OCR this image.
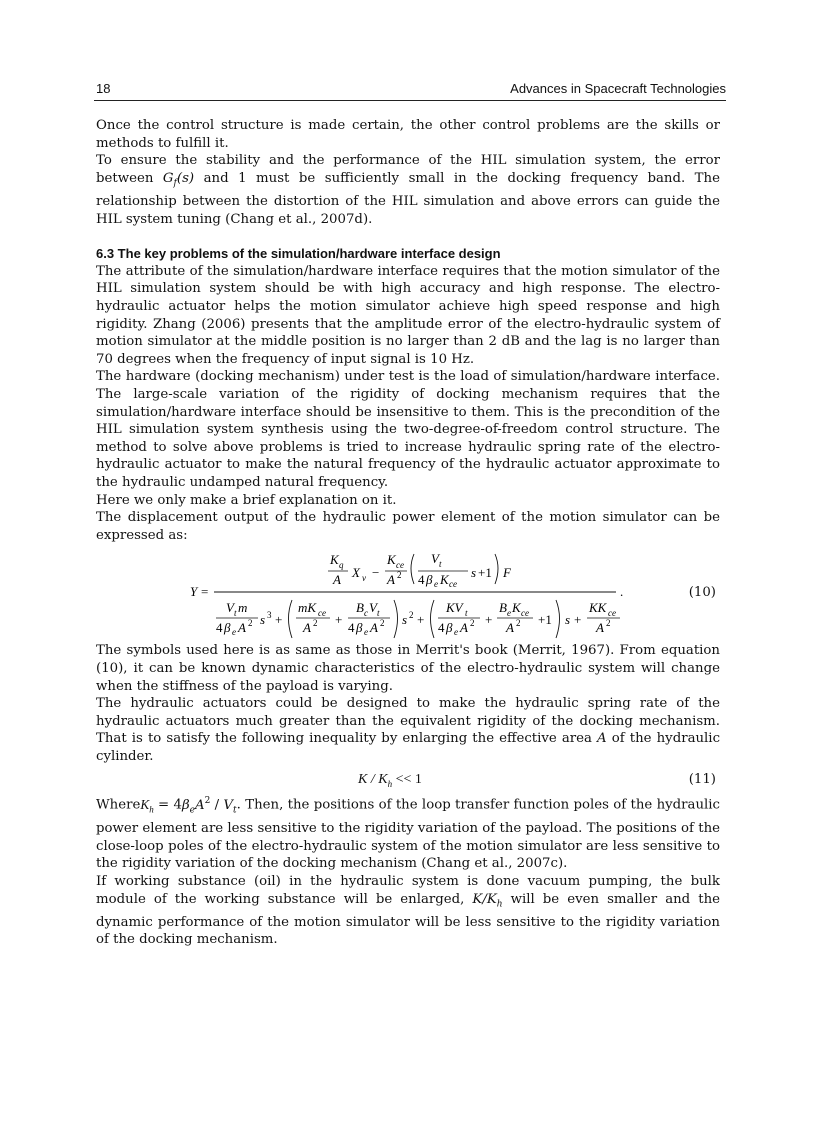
18	Advances in Spacecraft Technologies

Once the control structure is made certain, the other control problems are the skills or methods to fulfill it.

To ensure the stability and the performance of the HIL simulation system, the error between $G_f(s)$ and 1 must be sufficiently small in the docking frequency band. The relationship between the distortion of the HIL simulation and above errors can guide the HIL system tuning (Chang et al., 2007d).

6.3 The key problems of the simulation/hardware interface design

The attribute of the simulation/hardware interface requires that the motion simulator of the HIL simulation system should be with high accuracy and high response. The electro-hydraulic actuator helps the motion simulator achieve high speed response and high rigidity. Zhang (2006) presents that the amplitude error of the electro-hydraulic system of motion simulator at the middle position is no larger than 2 dB and the lag is no larger than 70 degrees when the frequency of input signal is 10 Hz.

The hardware (docking mechanism) under test is the load of simulation/hardware interface. The large-scale variation of the rigidity of docking mechanism requires that the simulation/hardware interface should be insensitive to them. This is the precondition of the HIL simulation system synthesis using the two-degree-of-freedom control structure. The method to solve above problems is tried to increase hydraulic spring rate of the electro-hydraulic actuator to make the natural frequency of the hydraulic actuator approximate to the hydraulic undamped natural frequency.

Here we only make a brief explanation on it.

The displacement output of the hydraulic power element of the motion simulator can be expressed as:

K q
A X v −
K ce
A 2
V t
4 β e K ce
s +1 F
Y =	.
V t m
4 β e A 2 s 3 +
mK ce
A 2 +
B c V t
4 β e A 2 s 2 +
KV t
4 β e A 2 +
B e K ce
A 2 +1 s +
KK ce
A 2
(10)

The symbols used here is as same as those in Merrit's book (Merrit, 1967). From equation (10), it can be known dynamic characteristics of the electro-hydraulic system will change when the stiffness of the payload is varying.

The hydraulic actuators could be designed to make the hydraulic spring rate of the hydraulic actuators much greater than the equivalent rigidity of the docking mechanism. That is to satisfy the following inequality by enlarging the effective area A of the hydraulic cylinder.

$K / K_h << 1$	(11)

WhereK$_h$ = $4\beta_eA^2 / V_t$. Then, the positions of the loop transfer function poles of the hydraulic power element are less sensitive to the rigidity variation of the payload. The positions of the close-loop poles of the electro-hydraulic system of the motion simulator are less sensitive to the rigidity variation of the docking mechanism (Chang et al., 2007c).

If working substance (oil) in the hydraulic system is done vacuum pumping, the bulk module of the working substance will be enlarged, $K/K_h$ will be even smaller and the dynamic performance of the motion simulator will be less sensitive to the rigidity variation of the docking mechanism.
